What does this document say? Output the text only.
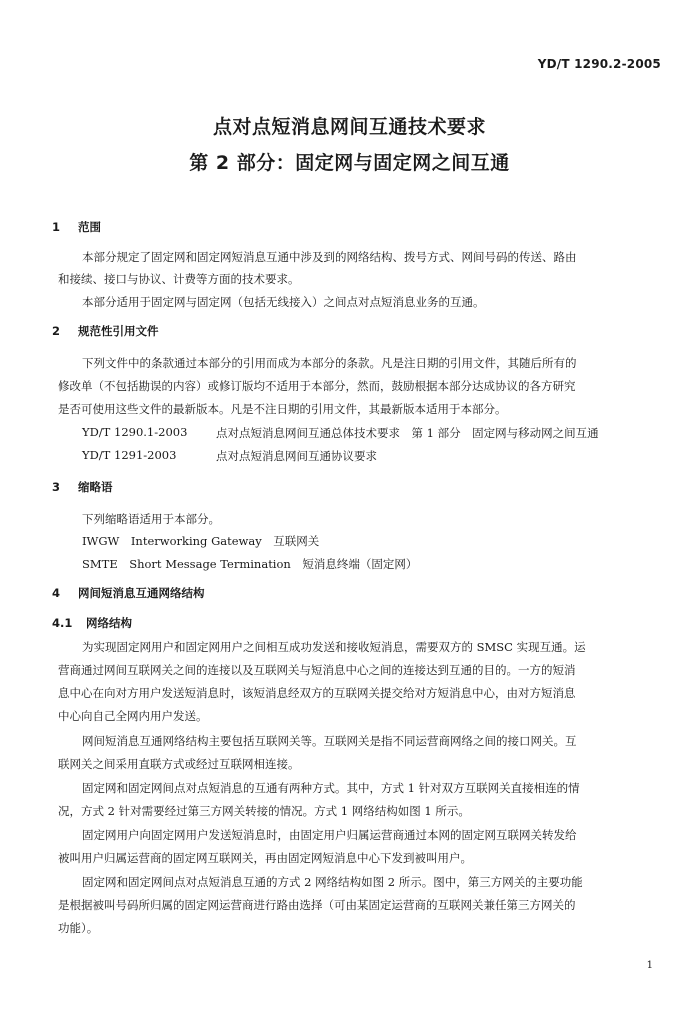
YD/T 1290.2-2005
点对点短消息网间互通技术要求
第 2 部分：固定网与固定网之间互通
1 范围
本部分规定了固定网和固定网短消息互通中涉及到的网络结构、拨号方式、网间号码的传送、路由
和接续、接口与协议、计费等方面的技术要求。
本部分适用于固定网与固定网（包括无线接入）之间点对点短消息业务的互通。
2 规范性引用文件
下列文件中的条款通过本部分的引用而成为本部分的条款。凡是注日期的引用文件，其随后所有的
修改单（不包括勘误的内容）或修订版均不适用于本部分，然而，鼓励根据本部分达成协议的各方研究
是否可使用这些文件的最新版本。凡是不注日期的引用文件，其最新版本适用于本部分。
YD/T 1290.1-2003 点对点短消息网间互通总体技术要求　第 1 部分　固定网与移动网之间互通
YD/T 1291-2003	点对点短消息网间互通协议要求
3 缩略语
下列缩略语适用于本部分。
IWGW　Interworking Gateway　互联网关
SMTE　Short Message Termination　短消息终端（固定网）
4 网间短消息互通网络结构
4.1 网络结构
为实现固定网用户和固定网用户之间相互成功发送和接收短消息，需要双方的 SMSC 实现互通。运
营商通过网间互联网关之间的连接以及互联网关与短消息中心之间的连接达到互通的目的。一方的短消
息中心在向对方用户发送短消息时，该短消息经双方的互联网关提交给对方短消息中心，由对方短消息
中心向自己全网内用户发送。
网间短消息互通网络结构主要包括互联网关等。互联网关是指不同运营商网络之间的接口网关。互
联网关之间采用直联方式或经过互联网相连接。
固定网和固定网间点对点短消息的互通有两种方式。其中，方式 1 针对双方互联网关直接相连的情
况，方式 2 针对需要经过第三方网关转接的情况。方式 1 网络结构如图 1 所示。
固定网用户向固定网用户发送短消息时，由固定用户归属运营商通过本网的固定网互联网关转发给
被叫用户归属运营商的固定网互联网关，再由固定网短消息中心下发到被叫用户。
固定网和固定网间点对点短消息互通的方式 2 网络结构如图 2 所示。图中，第三方网关的主要功能
是根据被叫号码所归属的固定网运营商进行路由选择（可由某固定运营商的互联网关兼任第三方网关的
功能）。
1
